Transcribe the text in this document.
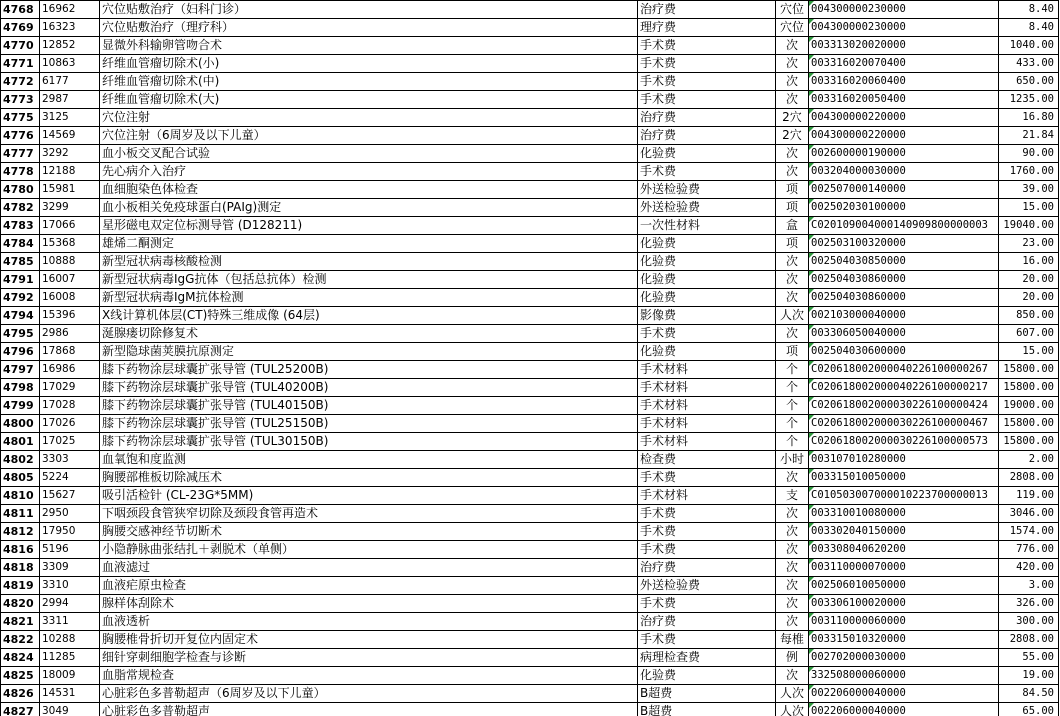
4768	16962	穴位贴敷治疗（妇科门诊）	治疗费	穴位	004300000230000	8.40
4769	16323	穴位贴敷治疗（理疗科）	理疗费	穴位	004300000230000	8.40
4770	12852	显微外科输卵管吻合术	手术费	次	003313020020000	1040.00
4771	10863	纤维血管瘤切除术(小)	手术费	次	003316020070400	433.00
4772	6177	纤维血管瘤切除术(中)	手术费	次	003316020060400	650.00
4773	2987	纤维血管瘤切除术(大)	手术费	次	003316020050400	1235.00
4775	3125	穴位注射	治疗费	2穴	004300000220000	16.80
4776	14569	穴位注射（6周岁及以下儿童）	治疗费	2穴	004300000220000	21.84
4777	3292	血小板交叉配合试验	化验费	次	002600000190000	90.00
4778	12188	先心病介入治疗	手术费	次	003204000030000	1760.00
4780	15981	血细胞染色体检查	外送检验费	项	002507000140000	39.00
4782	3299	血小板相关免疫球蛋白(PAIg)测定	外送检验费	项	002502030100000	15.00
4783	17066	星形磁电双定位标测导管 (D128211)	一次性材料	盒	C020109004000140909800000003	19040.00
4784	15368	雄烯二酮测定	化验费	项	002503100320000	23.00
4785	10888	新型冠状病毒核酸检测	化验费	次	002504030850000	16.00
4791	16007	新型冠状病毒IgG抗体（包括总抗体）检测	化验费	次	002504030860000	20.00
4792	16008	新型冠状病毒IgM抗体检测	化验费	次	002504030860000	20.00
4794	15396	X线计算机体层(CT)特殊三维成像 (64层)	影像费	人次	002103000040000	850.00
4795	2986	涎腺瘘切除修复术	手术费	次	003306050040000	607.00
4796	17868	新型隐球菌荚膜抗原测定	化验费	项	002504030600000	15.00
4797	16986	膝下药物涂层球囊扩张导管 (TUL25200B)	手术材料	个	C020618002000040226100000267	15800.00
4798	17029	膝下药物涂层球囊扩张导管 (TUL40200B)	手术材料	个	C020618002000040226100000217	15800.00
4799	17028	膝下药物涂层球囊扩张导管 (TUL40150B)	手术材料	个	C020618002000030226100000424	19000.00
4800	17026	膝下药物涂层球囊扩张导管 (TUL25150B)	手术材料	个	C020618002000030226100000467	15800.00
4801	17025	膝下药物涂层球囊扩张导管 (TUL30150B)	手术材料	个	C020618002000030226100000573	15800.00
4802	3303	血氧饱和度监测	检查费	小时	003107010280000	2.00
4805	5224	胸腰部椎板切除减压术	手术费	次	003315010050000	2808.00
4810	15627	吸引活检针 (CL-23G*5MM)	手术材料	支	C010503007000010223700000013	119.00
4811	2950	下咽颈段食管狭窄切除及颈段食管再造术	手术费	次	003310010080000	3046.00
4812	17950	胸腰交感神经节切断术	手术费	次	003302040150000	1574.00
4816	5196	小隐静脉曲张结扎＋剥脱术（单侧）	手术费	次	003308040620200	776.00
4818	3309	血液滤过	治疗费	次	003110000070000	420.00
4819	3310	血液疟原虫检查	外送检验费	次	002506010050000	3.00
4820	2994	腺样体刮除术	手术费	次	003306100020000	326.00
4821	3311	血液透析	治疗费	次	003110000060000	300.00
4822	10288	胸腰椎骨折切开复位内固定术	手术费	每椎	003315010320000	2808.00
4824	11285	细针穿刺细胞学检查与诊断	病理检查费	例	002702000030000	55.00
4825	18009	血脂常规检查	化验费	次	332508000060000	19.00
4826	14531	心脏彩色多普勒超声（6周岁及以下儿童）	B超费	人次	002206000040000	84.50
4827	3049	心脏彩色多普勒超声	B超费	人次	002206000040000	65.00
